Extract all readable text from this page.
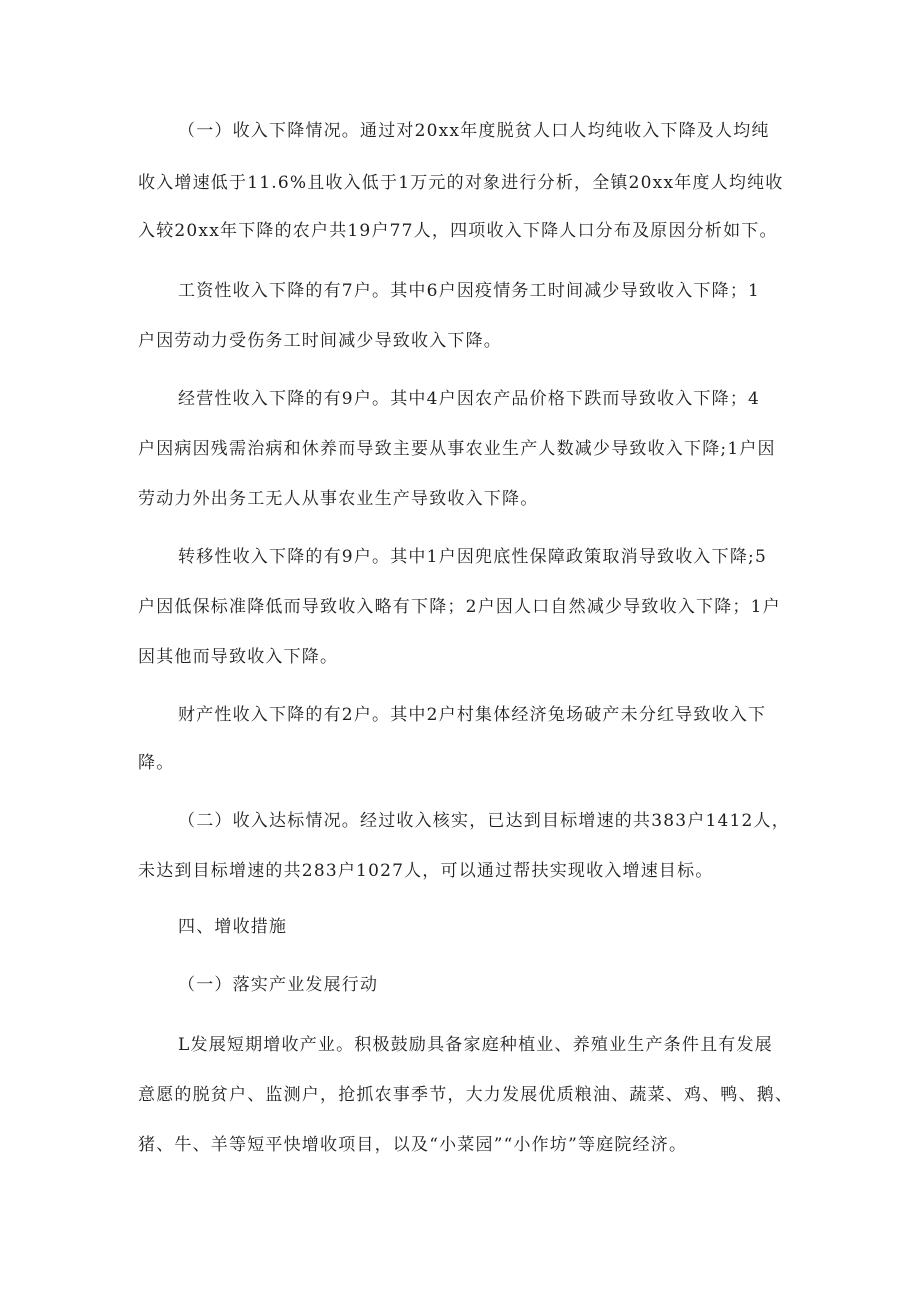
（一）收入下降情况。通过对20xx年度脱贫人口人均纯收入下降及人均纯
收入增速低于11.6%且收入低于1万元的对象进行分析，全镇20xx年度人均纯收
入较20xx年下降的农户共19户77人，四项收入下降人口分布及原因分析如下。
工资性收入下降的有7户。其中6户因疫情务工时间减少导致收入下降；1
户因劳动力受伤务工时间减少导致收入下降。
经营性收入下降的有9户。其中4户因农产品价格下跌而导致收入下降；4
户因病因残需治病和休养而导致主要从事农业生产人数减少导致收入下降;1户因
劳动力外出务工无人从事农业生产导致收入下降。
转移性收入下降的有9户。其中1户因兜底性保障政策取消导致收入下降;5
户因低保标准降低而导致收入略有下降；2户因人口自然减少导致收入下降；1户
因其他而导致收入下降。
财产性收入下降的有2户。其中2户村集体经济兔场破产未分红导致收入下
降。
（二）收入达标情况。经过收入核实，已达到目标增速的共383户1412人，
未达到目标增速的共283户1027人，可以通过帮扶实现收入增速目标。
四、增收措施
（一）落实产业发展行动
L发展短期增收产业。积极鼓励具备家庭种植业、养殖业生产条件且有发展
意愿的脱贫户、监测户，抢抓农事季节，大力发展优质粮油、蔬菜、鸡、鸭、鹅、
猪、牛、羊等短平快增收项目，以及“小菜园”“小作坊”等庭院经济。
